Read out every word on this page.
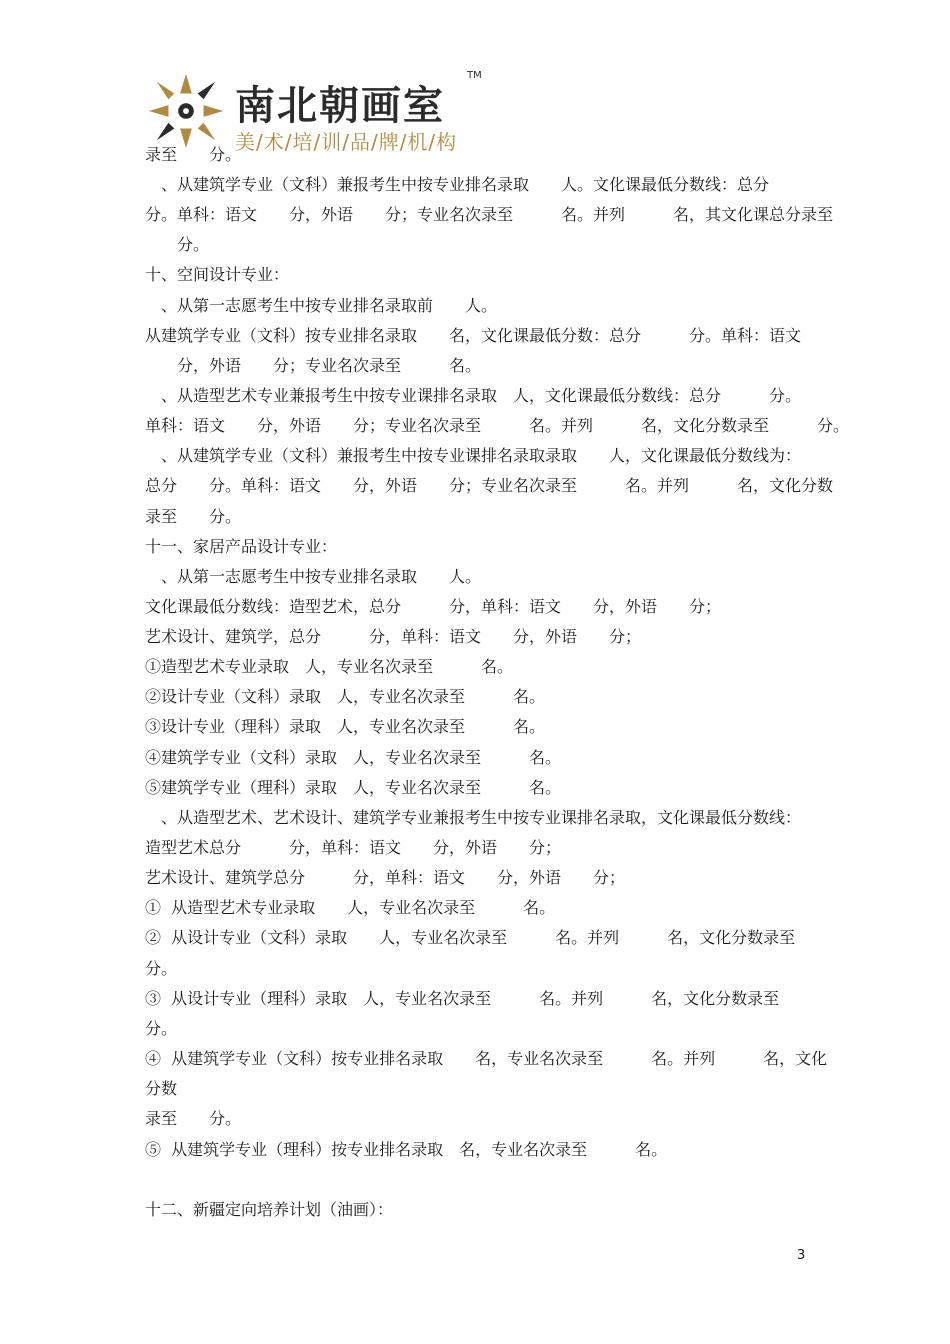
南北朝画室
TM
美/术/培/训/品/牌/机/构
录至　　分。
　、从建筑学专业（文科）兼报考生中按专业排名录取　　人。文化课最低分数线：总分
分。单科：语文　　分，外语　　分；专业名次录至　　　名。并列　　　名，其文化课总分录至
　　分。
十、空间设计专业：
　、从第一志愿考生中按专业排名录取前　　人。
从建筑学专业（文科）按专业排名录取　　名，文化课最低分数：总分　　　分。单科：语文
　　分，外语　　分；专业名次录至　　　名。
　、从造型艺术专业兼报考生中按专业课排名录取　人，文化课最低分数线：总分　　　分。
单科：语文　　分，外语　　分；专业名次录至　　　名。并列　　　名，文化分数录至　　　分。
　、从建筑学专业（文科）兼报考生中按专业课排名录取录取　　人，文化课最低分数线为：
总分　　分。单科：语文　　分，外语　　分；专业名次录至　　　名。并列　　　名，文化分数
录至　　分。
十一、家居产品设计专业：
　、从第一志愿考生中按专业排名录取　　人。
文化课最低分数线：造型艺术，总分　　　分，单科：语文　　分，外语　　分；
艺术设计、建筑学，总分　　　分，单科：语文　　分，外语　　分；
①造型艺术专业录取　人，专业名次录至　　　名。
②设计专业（文科）录取　人，专业名次录至　　　名。
③设计专业（理科）录取　人，专业名次录至　　　名。
④建筑学专业（文科）录取　人，专业名次录至　　　名。
⑤建筑学专业（理科）录取　人，专业名次录至　　　名。
　、从造型艺术、艺术设计、建筑学专业兼报考生中按专业课排名录取，文化课最低分数线：
造型艺术总分　　　分，单科：语文　　分，外语　　分；
艺术设计、建筑学总分　　　分，单科：语文　　分，外语　　分；
①  从造型艺术专业录取　　人，专业名次录至　　　名。
②  从设计专业（文科）录取　　人，专业名次录至　　　名。并列　　　名，文化分数录至
分。
③  从设计专业（理科）录取　人，专业名次录至　　　名。并列　　　名，文化分数录至
分。
④  从建筑学专业（文科）按专业排名录取　　名，专业名次录至　　　名。并列　　　名，文化
分数
录至　　分。
⑤  从建筑学专业（理科）按专业排名录取　名，专业名次录至　　　名。
十二、新疆定向培养计划（油画）：
3
